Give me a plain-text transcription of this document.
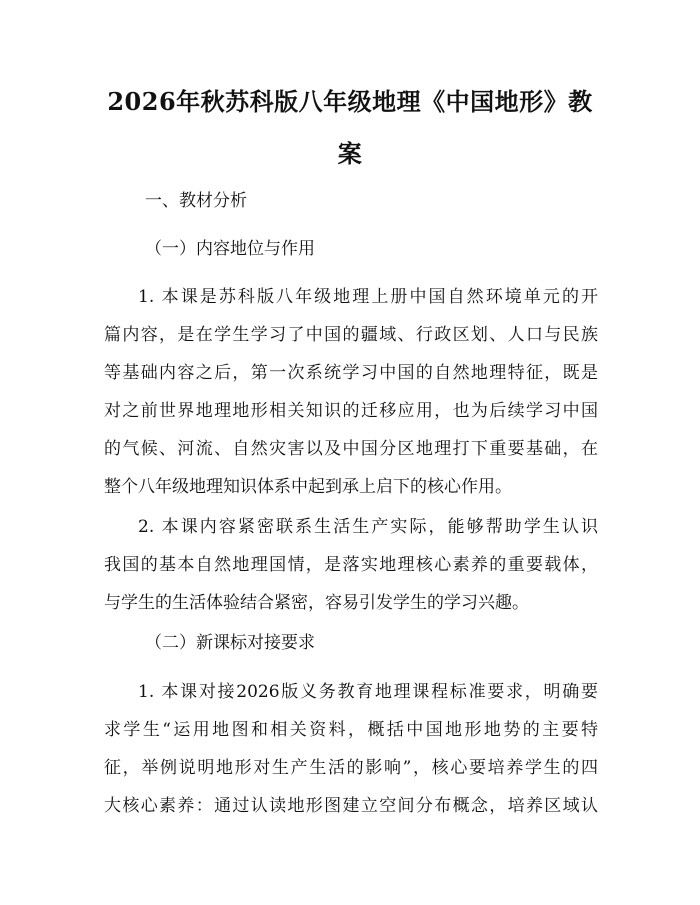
2026年秋苏科版八年级地理《中国地形》教
案

一、教材分析

（一）内容地位与作用

1. 本课是苏科版八年级地理上册中国自然环境单元的开
篇内容，是在学生学习了中国的疆域、行政区划、人口与民族
等基础内容之后，第一次系统学习中国的自然地理特征，既是
对之前世界地理地形相关知识的迁移应用，也为后续学习中国
的气候、河流、自然灾害以及中国分区地理打下重要基础，在
整个八年级地理知识体系中起到承上启下的核心作用。
2. 本课内容紧密联系生活生产实际，能够帮助学生认识
我国的基本自然地理国情，是落实地理核心素养的重要载体，
与学生的生活体验结合紧密，容易引发学生的学习兴趣。

（二）新课标对接要求

1. 本课对接2026版义务教育地理课程标准要求，明确要
求学生“运用地图和相关资料，概括中国地形地势的主要特
征，举例说明地形对生产生活的影响”，核心要培养学生的四
大核心素养：通过认读地形图建立空间分布概念，培养区域认
